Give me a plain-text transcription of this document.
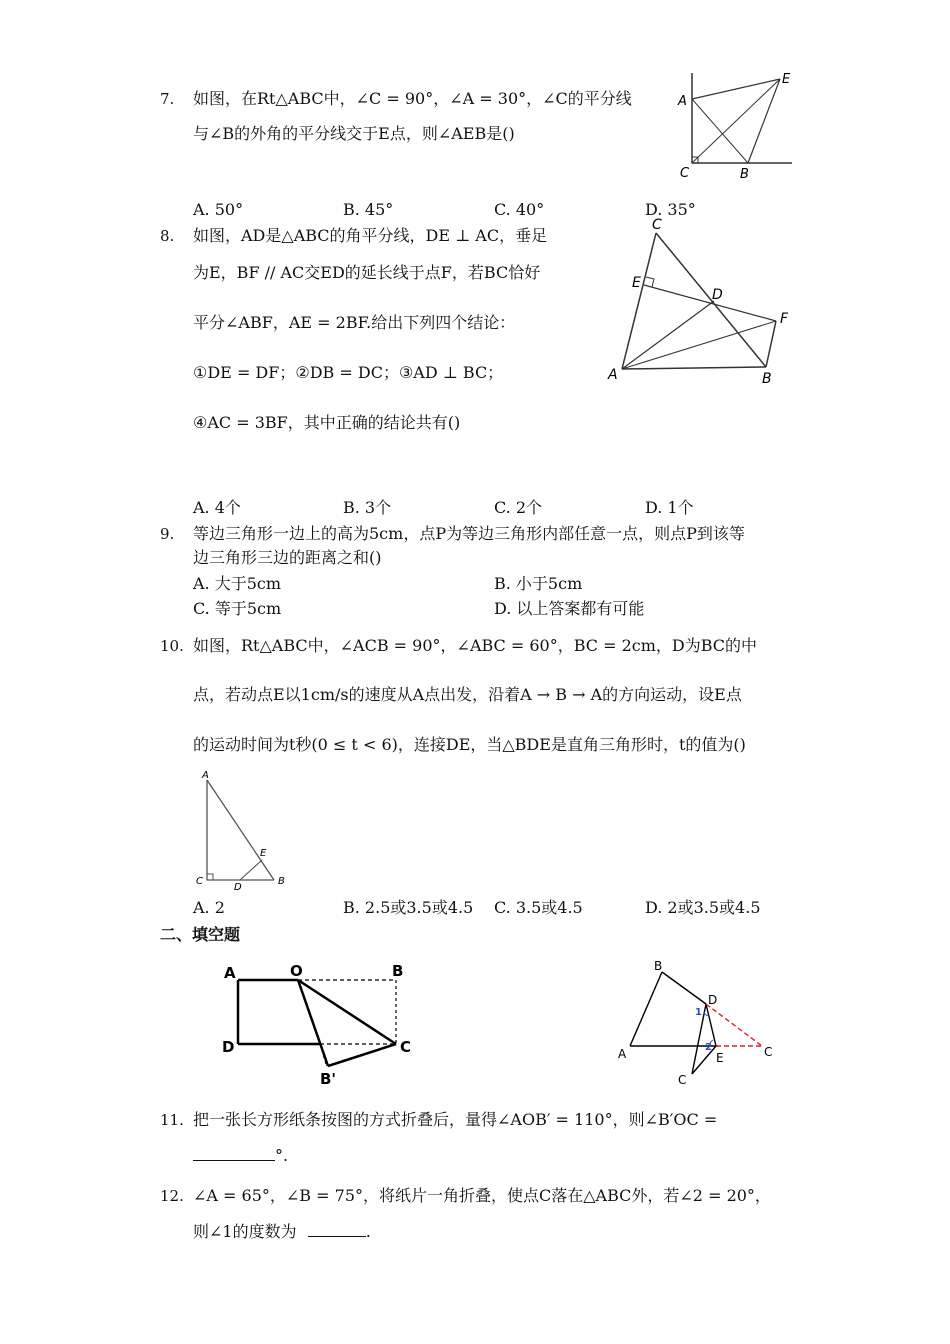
7. 如图，在Rt△ABC中，∠C = 90°，∠A = 30°，∠C的平分线
与∠B的外角的平分线交于E点，则∠AEB是()
A. 50°	B. 45°	C. 40°	D. 35°
A
E
C	B
8. 如图，AD是△ABC的角平分线，DE ⊥ AC，垂足
为E，BF // AC交ED的延长线于点F，若BC恰好
平分∠ABF，AE = 2BF.给出下列四个结论：
①DE = DF；②DB = DC；③AD ⊥ BC；
④AC = 3BF，其中正确的结论共有()
A. 4个	B. 3个	C. 2个	D. 1个
C
E
D
F
A	B
9. 等边三角形一边上的高为5cm，点P为等边三角形内部任意一点，则点P到该等
边三角形三边的距离之和()
A. 大于5cm	B. 小于5cm
C. 等于5cm	D. 以上答案都有可能
10. 如图，Rt△ABC中，∠ACB = 90°，∠ABC = 60°，BC = 2cm，D为BC的中
点，若动点E以1cm/s的速度从A点出发，沿着A → B → A的方向运动，设E点
的运动时间为t秒(0 ≤ t < 6)，连接DE，当△BDE是直角三角形时，t的值为()
A
E
C
D
B
A. 2	B. 2.5或3.5或4.5 C. 3.5或4.5	D. 2或3.5或4.5
二、填空题
A	O	B
D	C
B'
B
D
1
2
A	E	C
C
11. 把一张长方形纸条按图的方式折叠后，量得∠AOB′ = 110°，则∠B′OC =
°.
12. ∠A = 65°，∠B = 75°，将纸片一角折叠，使点C落在△ABC外，若∠2 = 20°，
则∠1的度数为	.
